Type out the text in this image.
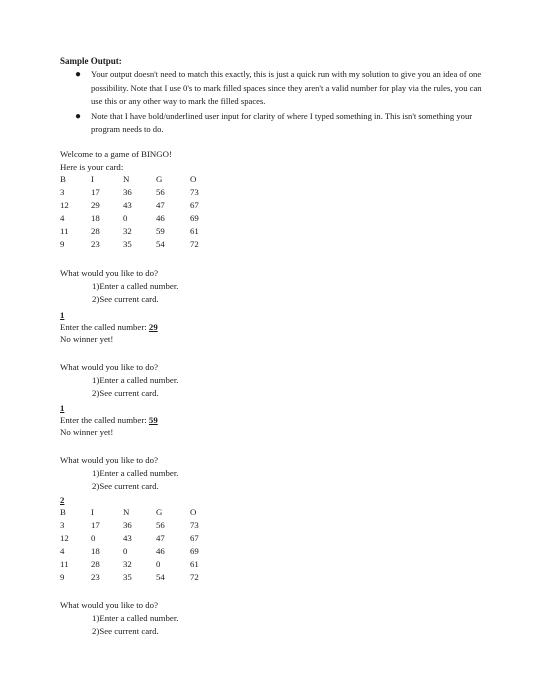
Sample Output:
● Your output doesn't need to match this exactly, this is just a quick run with my solution to give you an idea of one possibility. Note that I use 0's to mark filled spaces since they aren't a valid number for play via the rules, you can use this or any other way to mark the filled spaces.
● Note that I have bold/underlined user input for clarity of where I typed something in. This isn't something your program needs to do.
Welcome to a game of BINGO!
Here is your card:
B	I	N	G	O
3	17	36	56	73
12	29	43	47	67
4	18	0	46	69
11	28	32	59	61
9	23	35	54	72
What would you like to do?
1)Enter a called number.
2)See current card.
1
Enter the called number: 29
No winner yet!
What would you like to do?
1)Enter a called number.
2)See current card.
1
Enter the called number: 59
No winner yet!
What would you like to do?
1)Enter a called number.
2)See current card.
2
B	I	N	G	O
3	17	36	56	73
12	0	43	47	67
4	18	0	46	69
11	28	32	0	61
9	23	35	54	72
What would you like to do?
1)Enter a called number.
2)See current card.
